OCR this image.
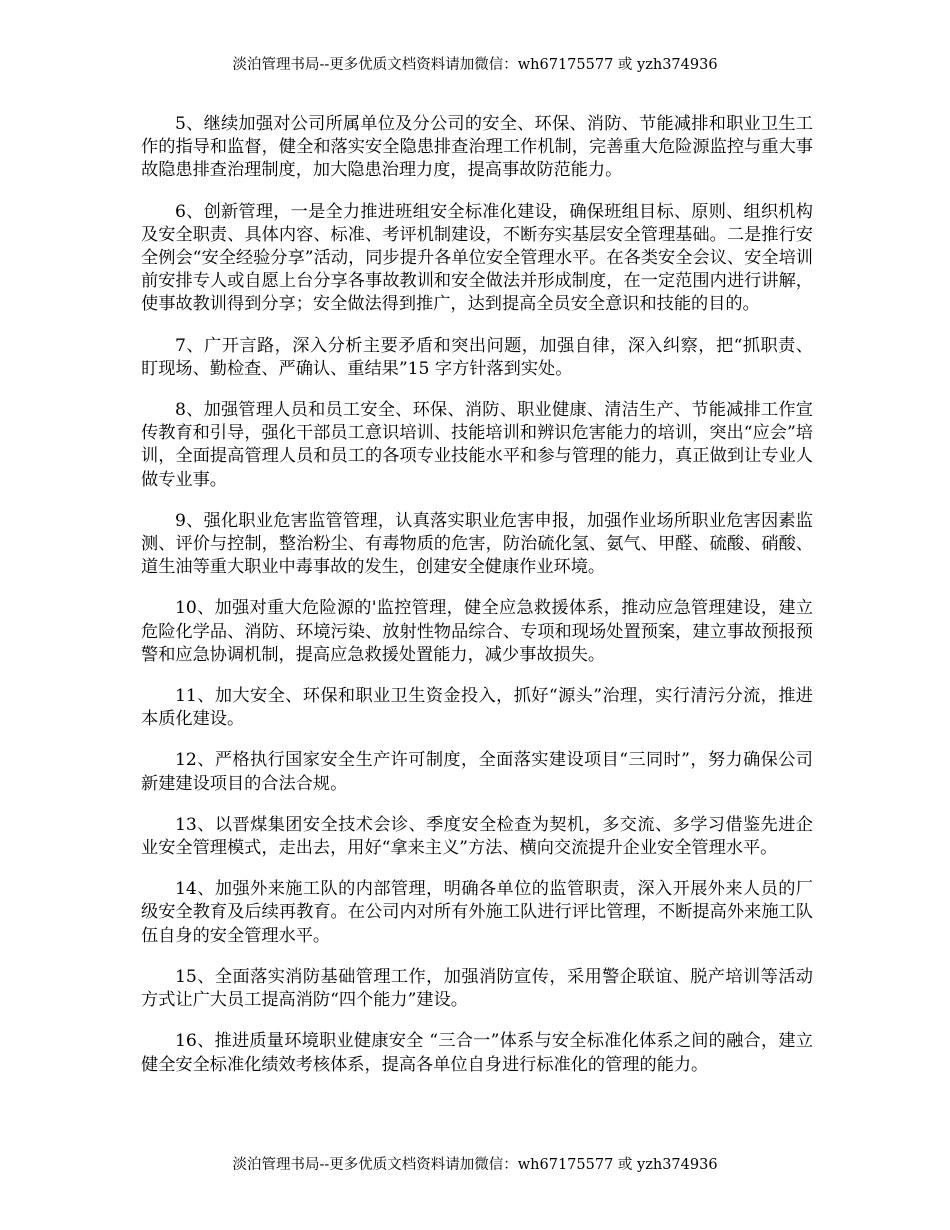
淡泊管理书局--更多优质文档资料请加微信：wh67175577 或 yzh374936

5、继续加强对公司所属单位及分公司的安全、环保、消防、节能减排和职业卫生工作的指导和监督，健全和落实安全隐患排查治理工作机制，完善重大危险源监控与重大事故隐患排查治理制度，加大隐患治理力度，提高事故防范能力。

6、创新管理，一是全力推进班组安全标准化建设，确保班组目标、原则、组织机构及安全职责、具体内容、标准、考评机制建设，不断夯实基层安全管理基础。二是推行安全例会“安全经验分享”活动，同步提升各单位安全管理水平。在各类安全会议、安全培训前安排专人或自愿上台分享各事故教训和安全做法并形成制度，在一定范围内进行讲解，使事故教训得到分享；安全做法得到推广，达到提高全员安全意识和技能的目的。

7、广开言路，深入分析主要矛盾和突出问题，加强自律，深入纠察，把“抓职责、盯现场、勤检查、严确认、重结果”15 字方针落到实处。

8、加强管理人员和员工安全、环保、消防、职业健康、清洁生产、节能减排工作宣传教育和引导，强化干部员工意识培训、技能培训和辨识危害能力的培训，突出“应会”培训，全面提高管理人员和员工的各项专业技能水平和参与管理的能力，真正做到让专业人做专业事。

9、强化职业危害监管管理，认真落实职业危害申报，加强作业场所职业危害因素监测、评价与控制，整治粉尘、有毒物质的危害，防治硫化氢、氨气、甲醛、硫酸、硝酸、道生油等重大职业中毒事故的发生，创建安全健康作业环境。

10、加强对重大危险源的'监控管理，健全应急救援体系，推动应急管理建设，建立危险化学品、消防、环境污染、放射性物品综合、专项和现场处置预案，建立事故预报预警和应急协调机制，提高应急救援处置能力，减少事故损失。

11、加大安全、环保和职业卫生资金投入，抓好“源头”治理，实行清污分流，推进本质化建设。

12、严格执行国家安全生产许可制度，全面落实建设项目“三同时”，努力确保公司新建建设项目的合法合规。

13、以晋煤集团安全技术会诊、季度安全检查为契机，多交流、多学习借鉴先进企业安全管理模式，走出去，用好“拿来主义”方法、横向交流提升企业安全管理水平。

14、加强外来施工队的内部管理，明确各单位的监管职责，深入开展外来人员的厂级安全教育及后续再教育。在公司内对所有外施工队进行评比管理，不断提高外来施工队伍自身的安全管理水平。

15、全面落实消防基础管理工作，加强消防宣传，采用警企联谊、脱产培训等活动方式让广大员工提高消防“四个能力”建设。

16、推进质量环境职业健康安全 “三合一”体系与安全标准化体系之间的融合，建立健全安全标准化绩效考核体系，提高各单位自身进行标准化的管理的能力。

淡泊管理书局--更多优质文档资料请加微信：wh67175577 或 yzh374936
